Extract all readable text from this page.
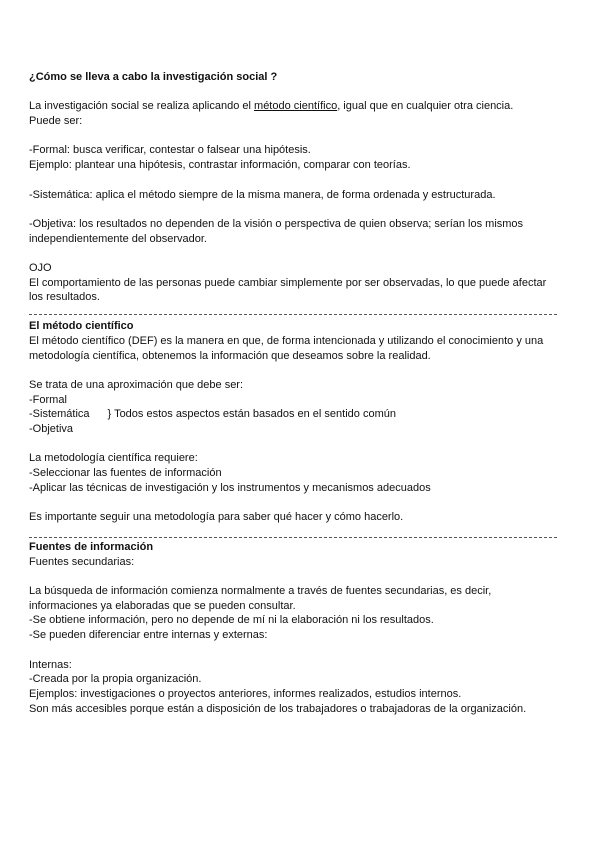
¿Cómo se lleva a cabo la investigación social ?

La investigación social se realiza aplicando el método científico, igual que en cualquier otra ciencia.

Puede ser:

-Formal: busca verificar, contestar o falsear una hipótesis.

Ejemplo: plantear una hipótesis, contrastar información, comparar con teorías.

-Sistemática: aplica el método siempre de la misma manera, de forma ordenada y estructurada.

-Objetiva: los resultados no dependen de la visión o perspectiva de quien observa; serían los mismos

independientemente del observador.

OJO

El comportamiento de las personas puede cambiar simplemente por ser observadas, lo que puede afectar

los resultados.

El método científico

El método científico (DEF) es la manera en que, de forma intencionada y utilizando el conocimiento y una

metodología científica, obtenemos la información que deseamos sobre la realidad.

Se trata de una aproximación que debe ser:

-Formal

-Sistemática } Todos estos aspectos están basados en el sentido común

-Objetiva

La metodología científica requiere:

-Seleccionar las fuentes de información

-Aplicar las técnicas de investigación y los instrumentos y mecanismos adecuados

Es importante seguir una metodología para saber qué hacer y cómo hacerlo.

Fuentes de información

Fuentes secundarias:

La búsqueda de información comienza normalmente a través de fuentes secundarias, es decir,

informaciones ya elaboradas que se pueden consultar.

-Se obtiene información, pero no depende de mí ni la elaboración ni los resultados.

-Se pueden diferenciar entre internas y externas:

Internas:

-Creada por la propia organización.

Ejemplos: investigaciones o proyectos anteriores, informes realizados, estudios internos.

Son más accesibles porque están a disposición de los trabajadores o trabajadoras de la organización.
